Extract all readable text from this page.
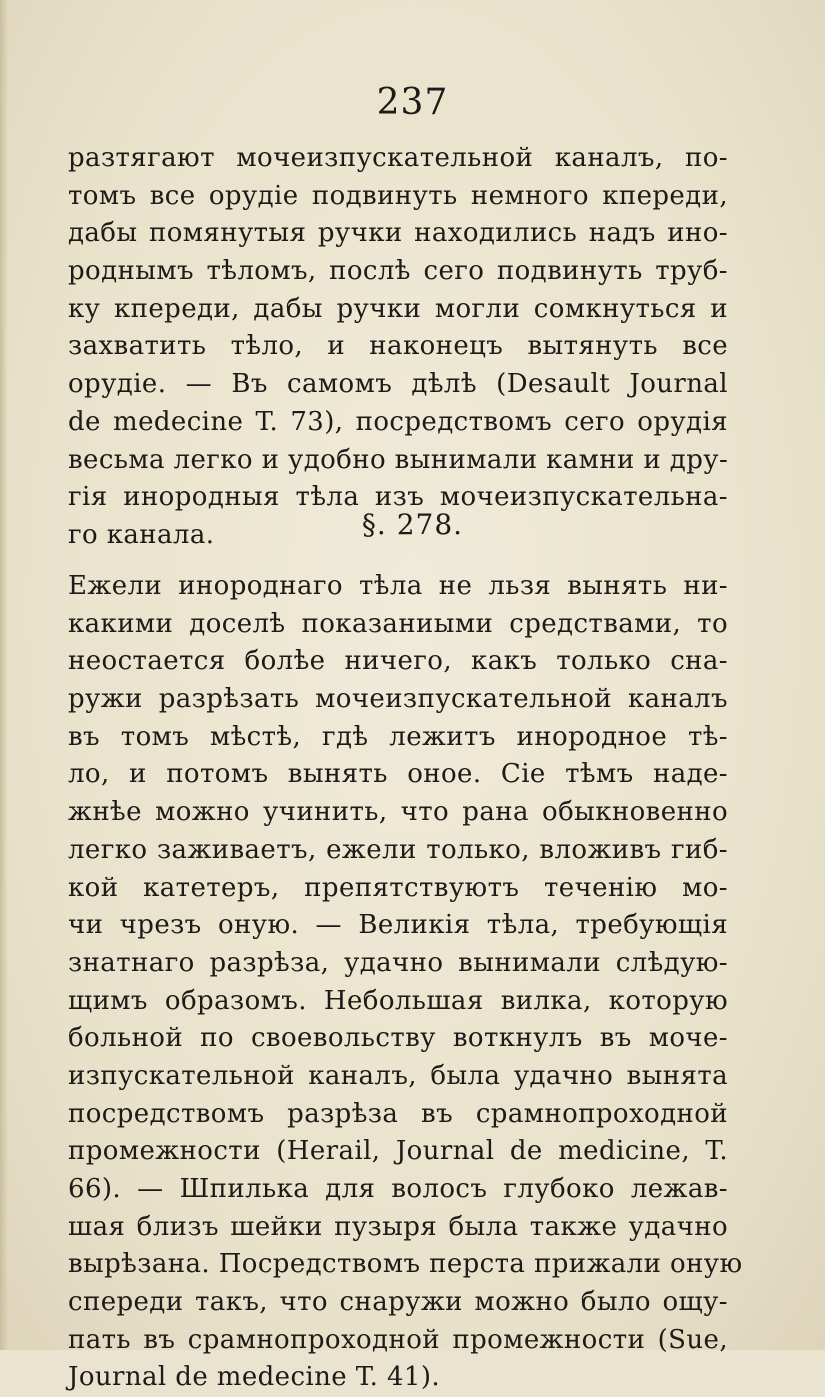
237
разтягают мочеизпускательной каналъ, по-
томъ все орудіе подвинуть немного кпереди,
дабы помянутыя ручки находились надъ ино-
роднымъ тѣломъ, послѣ сего подвинуть труб-
ку кпереди, дабы ручки могли сомкнуться и
захватить тѣло, и наконецъ вытянуть все
орудіе. — Въ самомъ дѣлѣ (Desault Journal
de medecine T. 73), посредствомъ сего орудія
весьма легко и удобно вынимали камни и дру-
гія инородныя тѣла изъ мочеизпускательна-
го канала.	§. 278.
Ежели инороднаго тѣла не льзя вынять ни-
какими доселѣ показаниыми средствами, то
неостается болѣе ничего, какъ только сна-
ружи разрѣзать мочеизпускательной каналъ
въ томъ мѣстѣ, гдѣ лежитъ инородное тѣ-
ло, и потомъ вынять оное. Сіе тѣмъ наде-
жнѣе можно учинить, что рана обыкновенно
легко заживаетъ, ежели только, вложивъ гиб-
кой катетеръ, препятствуютъ теченію мо-
чи чрезъ оную. — Великія тѣла, требующія
знатнаго разрѣза, удачно вынимали слѣдую-
щимъ образомъ. Небольшая вилка, которую
больной по своевольству воткнулъ въ моче-
изпускательной каналъ, была удачно вынята
посредствомъ разрѣза въ срамнопроходной
промежности (Herail, Journal de medicine, T.
66). — Шпилька для волосъ глубоко лежав-
шая близъ шейки пузыря была также удачно
вырѣзана. Посредствомъ перста прижали оную
спереди такъ, что снаружи можно было ощу-
пать въ срамнопроходной промежности (Sue,
Journal de medecine T. 41).
